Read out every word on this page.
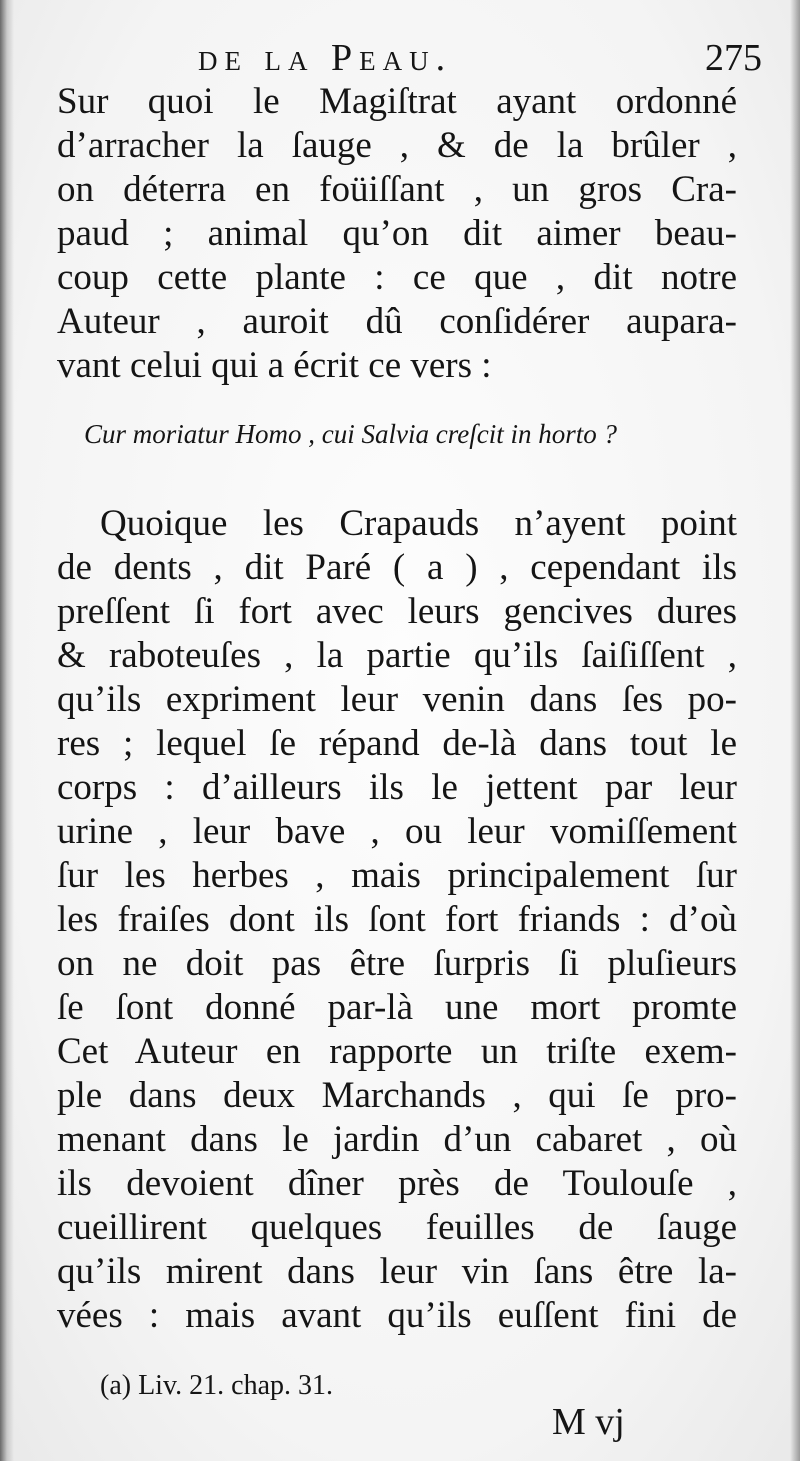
de la Peau.	275
Sur quoi le Magiſtrat ayant ordonné
d’arracher la ſauge , & de la brûler ,
on déterra en foüiſſant , un gros Cra-
paud ; animal qu’on dit aimer beau-
coup cette plante : ce que , dit notre
Auteur , auroit dû conſidérer aupara-
vant celui qui a écrit ce vers :
Cur moriatur Homo , cui Salvia creſcit in horto ?
Quoique les Crapauds n’ayent point
de dents , dit Paré ( a ) , cependant ils
preſſent ſi fort avec leurs gencives dures
& raboteuſes , la partie qu’ils ſaiſiſſent ,
qu’ils expriment leur venin dans ſes po-
res ; lequel ſe répand de-là dans tout le
corps : d’ailleurs ils le jettent par leur
urine , leur bave , ou leur vomiſſement
ſur les herbes , mais principalement ſur
les fraiſes dont ils ſont fort friands : d’où
on ne doit pas être ſurpris ſi pluſieurs
ſe ſont donné par-là une mort promte
Cet Auteur en rapporte un triſte exem-
ple dans deux Marchands , qui ſe pro-
menant dans le jardin d’un cabaret , où
ils devoient dîner près de Toulouſe ,
cueillirent quelques feuilles de ſauge
qu’ils mirent dans leur vin ſans être la-
vées : mais avant qu’ils euſſent fini de
(a) Liv. 21. chap. 31.
M vj
